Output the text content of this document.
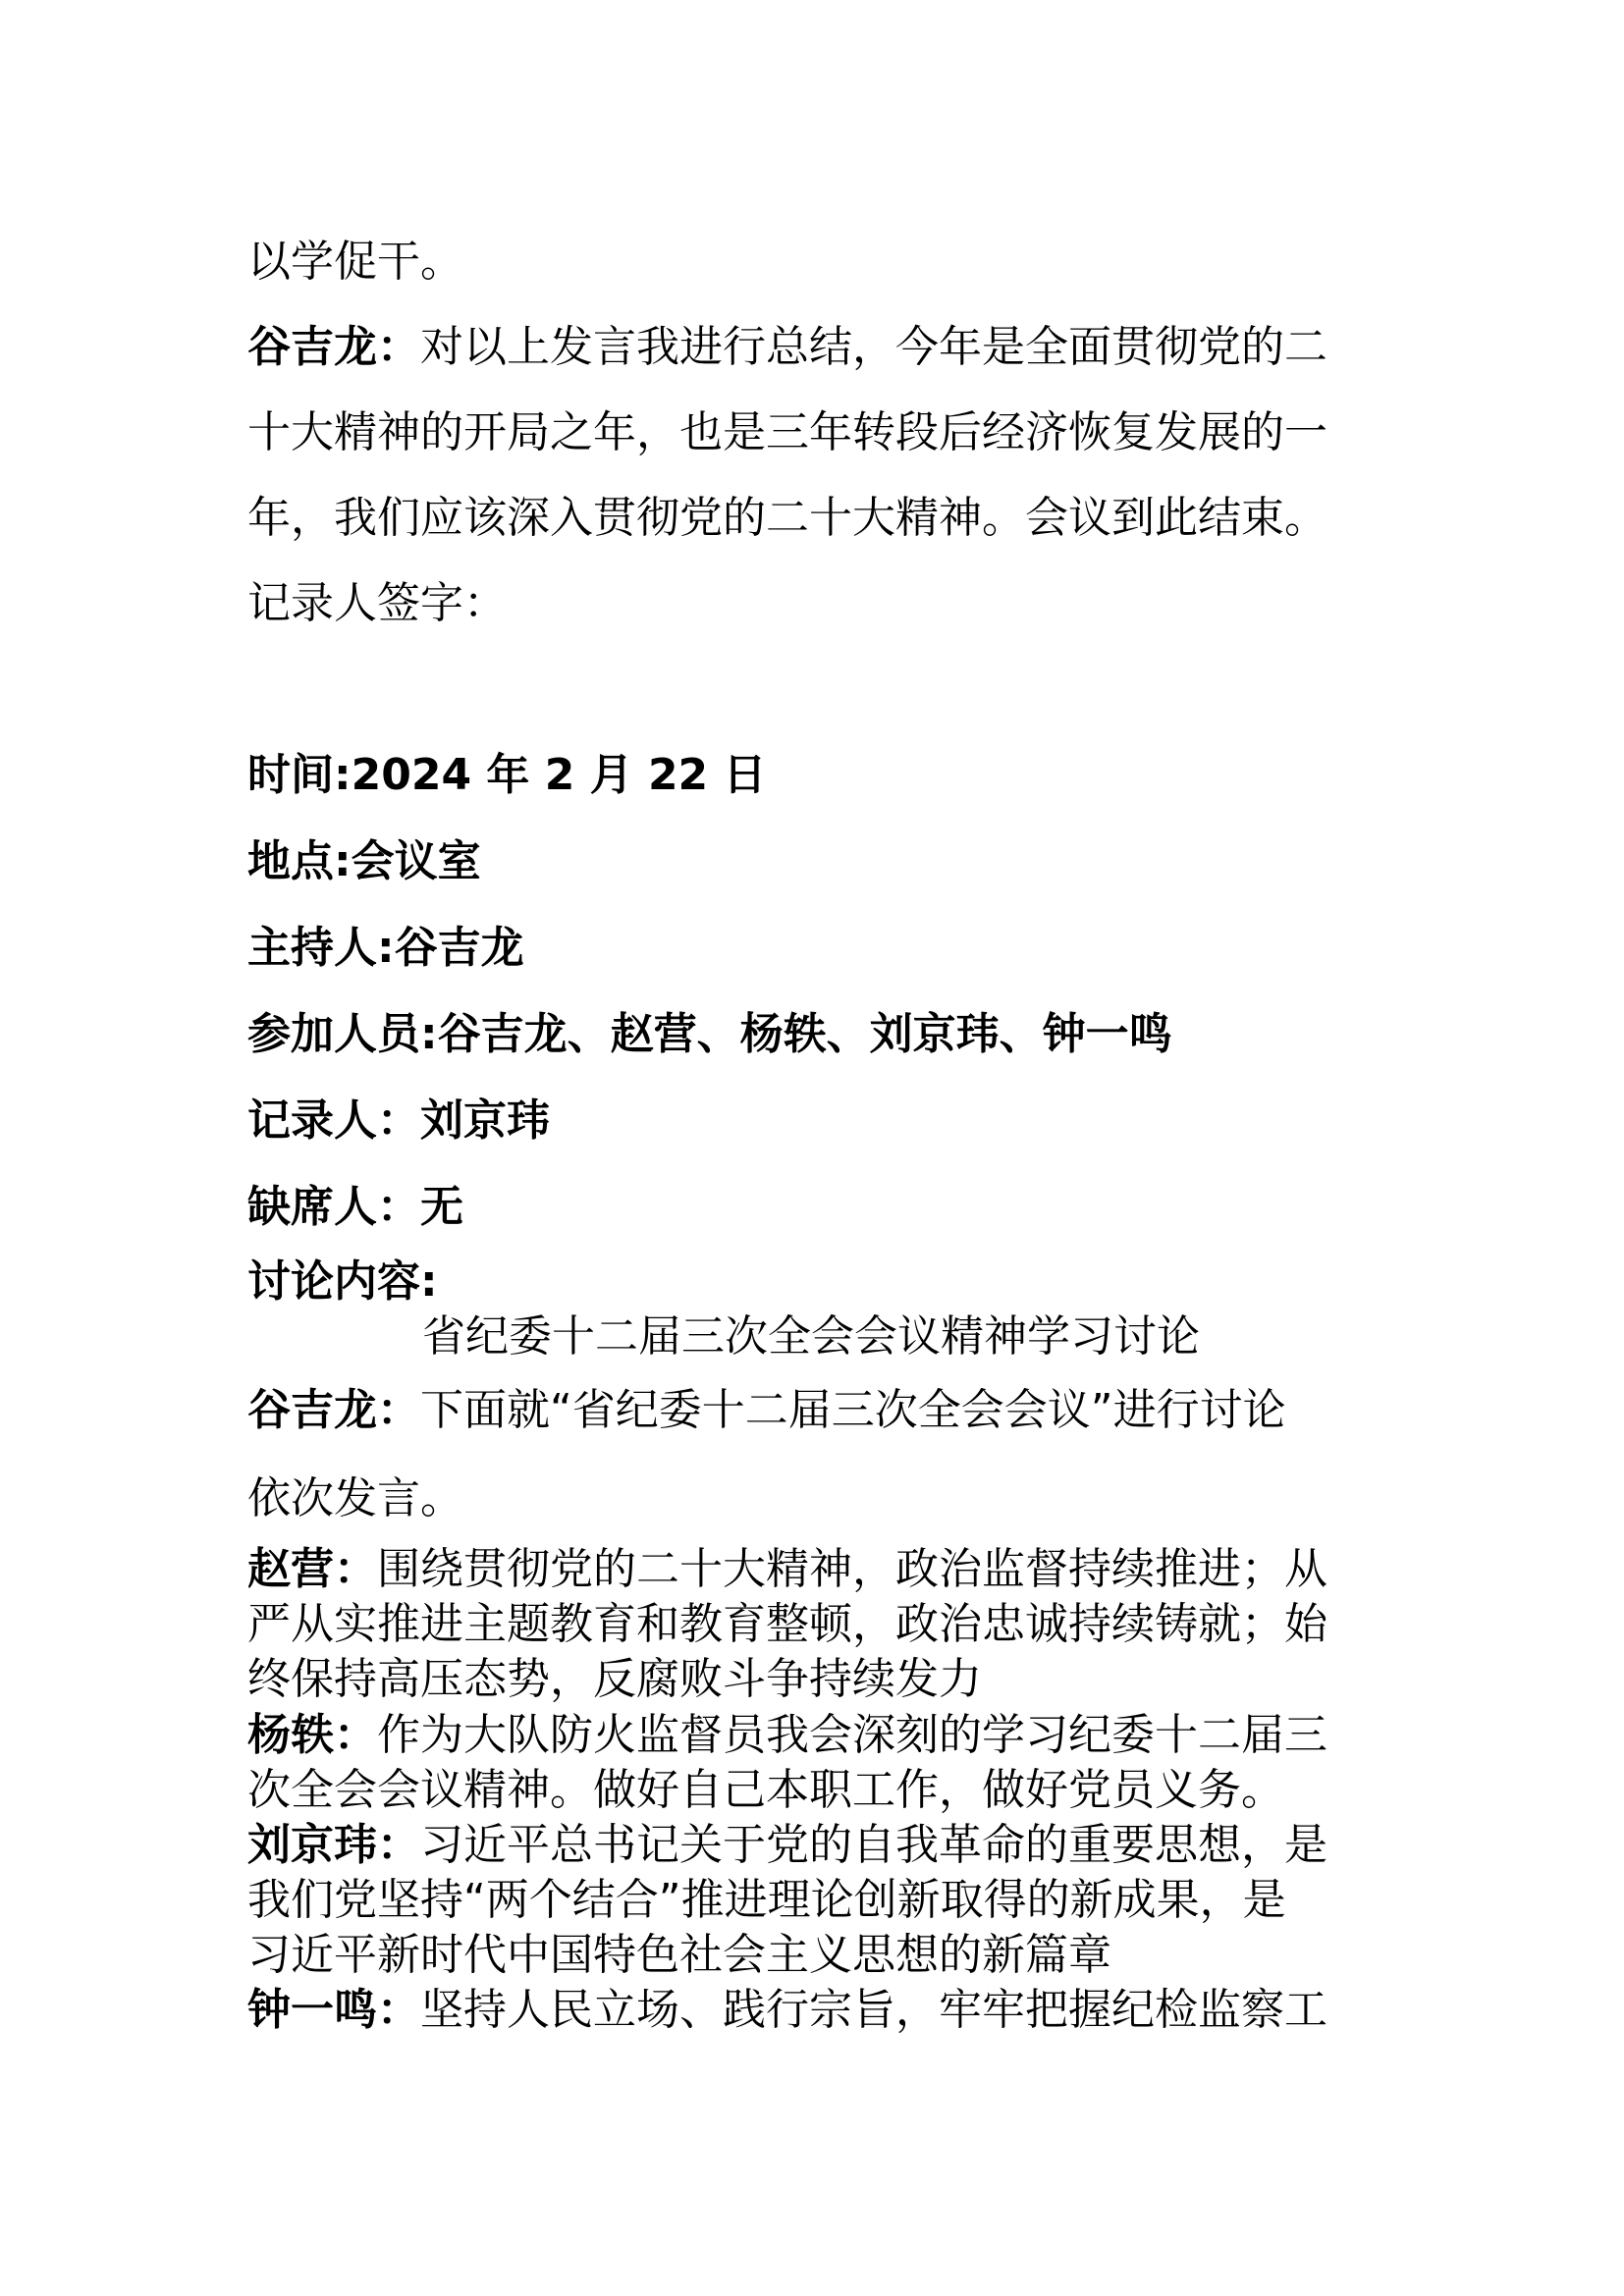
以学促干。
谷吉龙：对以上发言我进行总结，今年是全面贯彻党的二
十大精神的开局之年，也是三年转段后经济恢复发展的一
年，我们应该深入贯彻党的二十大精神。会议到此结束。
记录人签字：
时间:2024 年 2 月 22 日
地点:会议室
主持人:谷吉龙
参加人员:谷吉龙、赵营、杨轶、刘京玮、钟一鸣
记录人：刘京玮
缺席人：无
讨论内容:
省纪委十二届三次全会会议精神学习讨论
谷吉龙：下面就“省纪委十二届三次全会会议”进行讨论
依次发言。
赵营：围绕贯彻党的二十大精神，政治监督持续推进；从
严从实推进主题教育和教育整顿，政治忠诚持续铸就；始
终保持高压态势，反腐败斗争持续发力
杨轶：作为大队防火监督员我会深刻的学习纪委十二届三
次全会会议精神。做好自己本职工作，做好党员义务。
刘京玮：习近平总书记关于党的自我革命的重要思想，是
我们党坚持“两个结合”推进理论创新取得的新成果，是
习近平新时代中国特色社会主义思想的新篇章
钟一鸣：坚持人民立场、践行宗旨，牢牢把握纪检监察工
